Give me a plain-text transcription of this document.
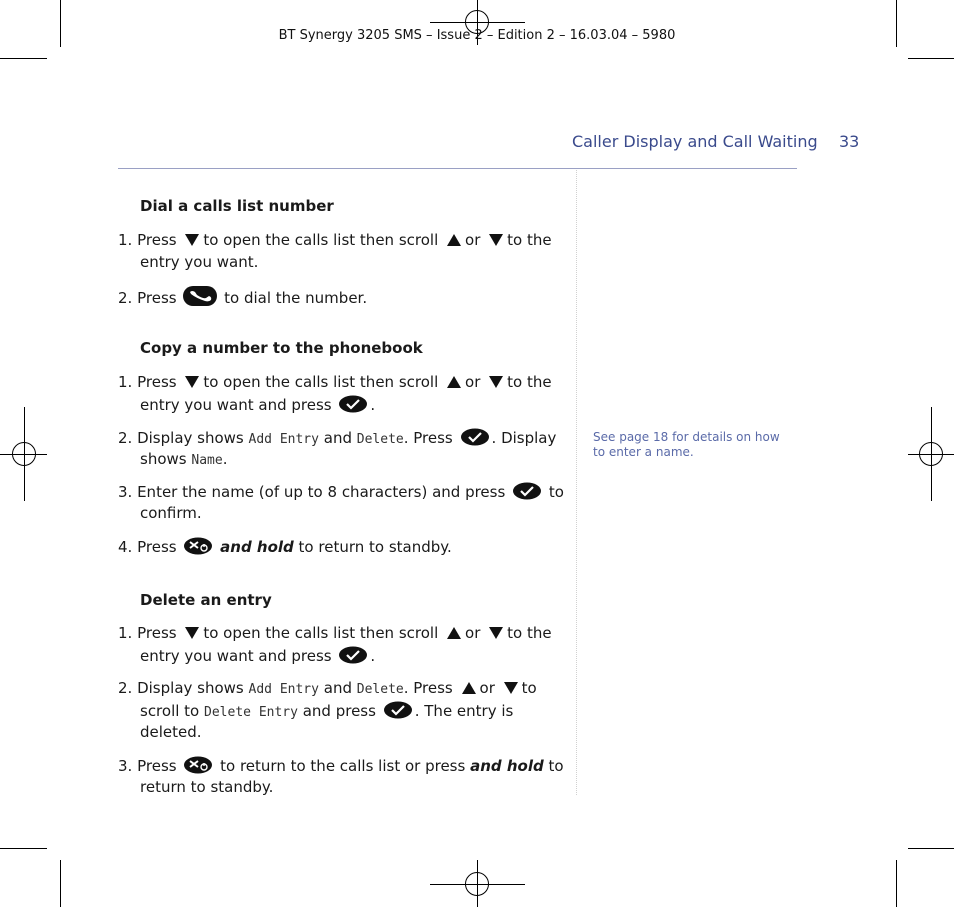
BT Synergy 3205 SMS – Issue 2 – Edition 2 – 16.03.04 – 5980
Caller Display and Call Waiting 33
Dial a calls list number
1. Press to open the calls list then scroll or to the
entry you want.
2. Press	to dial the number.
Copy a number to the phonebook
1. Press to open the calls list then scroll or to the
entry you want and press	.
2. Display shows Add Entry and Delete. Press	. Display
shows Name.
3. Enter the name (of up to 8 characters) and press	to
confirm.
4. Press	and hold to return to standby.
Delete an entry
1. Press to open the calls list then scroll or to the
entry you want and press	.
2. Display shows Add Entry and Delete. Press or to
scroll to Delete Entry and press	. The entry is
deleted.
3. Press	to return to the calls list or press and hold to
return to standby.
See page 18 for details on how to enter a name.
